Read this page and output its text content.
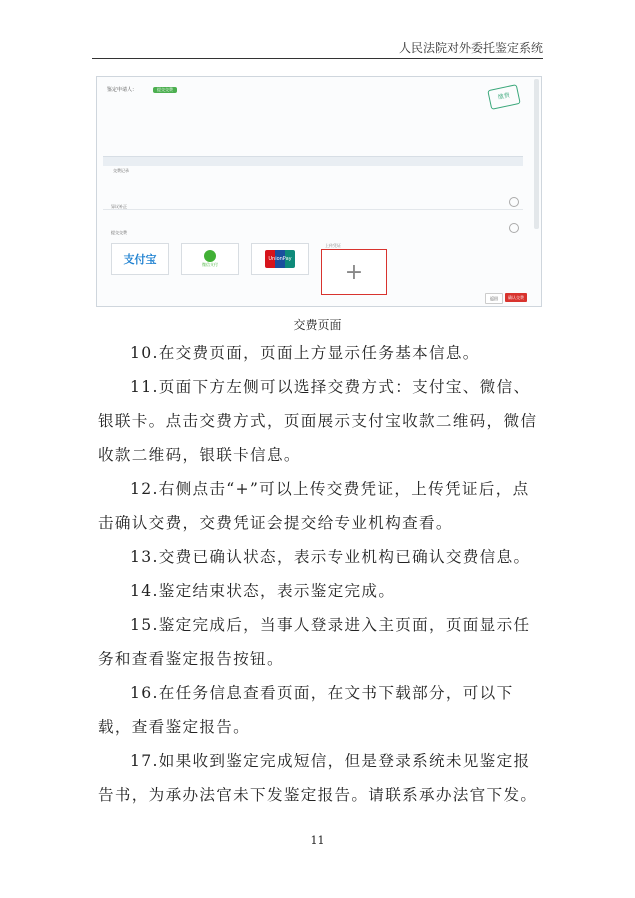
人民法院对外委托鉴定系统
鉴定申请人：	提交交费
缴费
交费记录
异议补正
提交交费
支付宝	微信支付
UnionPay
上传凭证
+
返回	确认交费
交费页面

10.在交费页面，页面上方显示任务基本信息。

11.页面下方左侧可以选择交费方式：支付宝、微信、银联卡。点击交费方式，页面展示支付宝收款二维码，微信收款二维码，银联卡信息。

12.右侧点击“+”可以上传交费凭证，上传凭证后，点击确认交费，交费凭证会提交给专业机构查看。

13.交费已确认状态，表示专业机构已确认交费信息。

14.鉴定结束状态，表示鉴定完成。

15.鉴定完成后，当事人登录进入主页面，页面显示任务和查看鉴定报告按钮。

16.在任务信息查看页面，在文书下载部分，可以下载，查看鉴定报告。

17.如果收到鉴定完成短信，但是登录系统未见鉴定报告书，为承办法官未下发鉴定报告。请联系承办法官下发。

11
